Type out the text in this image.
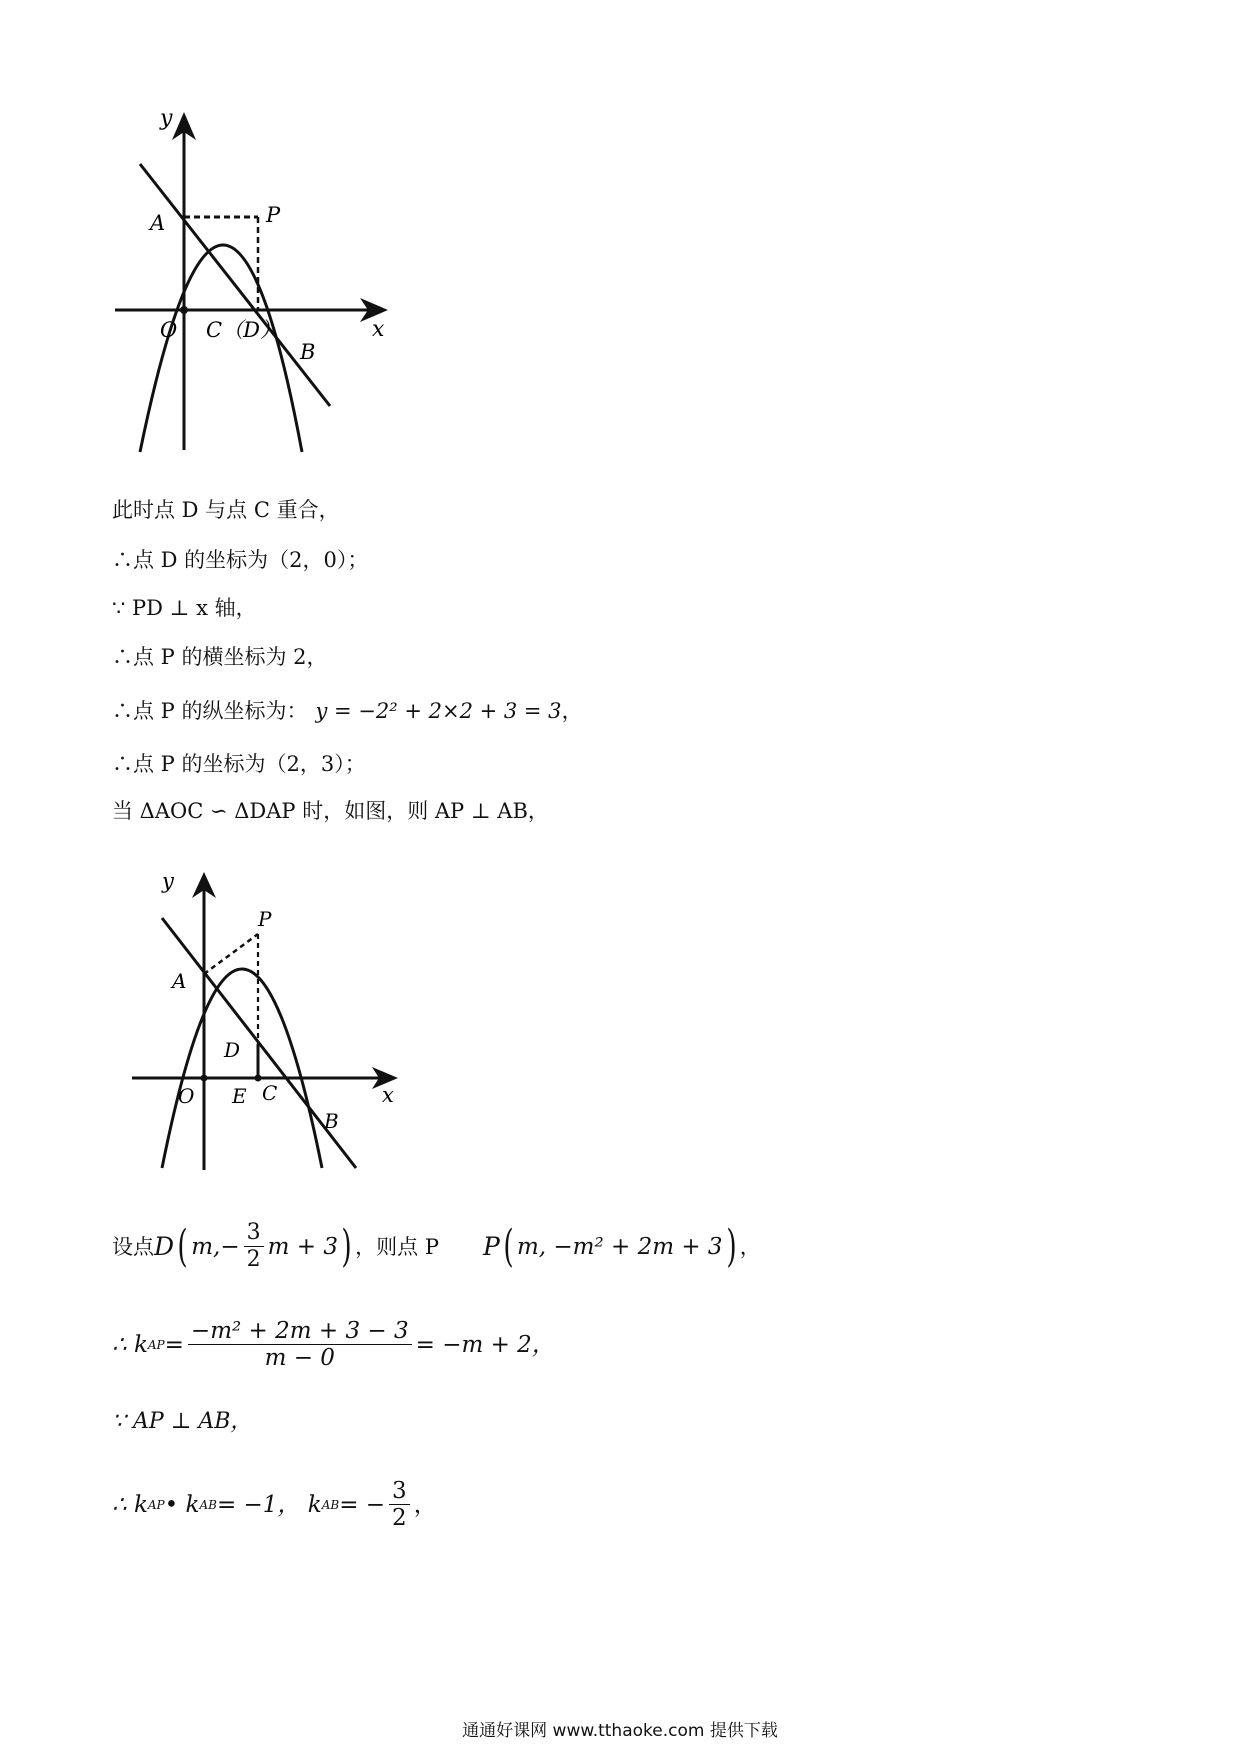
y
x
A	P
O C（D）
B
此时点 D 与点 C 重合，
∴点 D 的坐标为（2，0）；
∵ PD ⊥ x 轴，
∴点 P 的横坐标为 2，
∴点 P 的纵坐标为： y = −2² + 2×2 + 3 = 3 ，
∴点 P 的坐标为（2，3）；
当 ΔAOC ∽ ΔDAP 时，如图，则 AP ⊥ AB，
y
x
P
A
D
O E C
B
设点 D ( $m,- \frac{3}{2}$ m + 3 ) ，则点 P P ( m, −m² + 2m + 3 ) ，
∴ k AP = $\frac{\text{−m² + 2m + 3 − 3}}{m - 0} = -m + 2$，
∵ AP ⊥ AB，
∴ k AP • k AB = −1， k AB = − $\frac{3}{2}$ ，
通通好课网 www.tthaoke.com 提供下载
